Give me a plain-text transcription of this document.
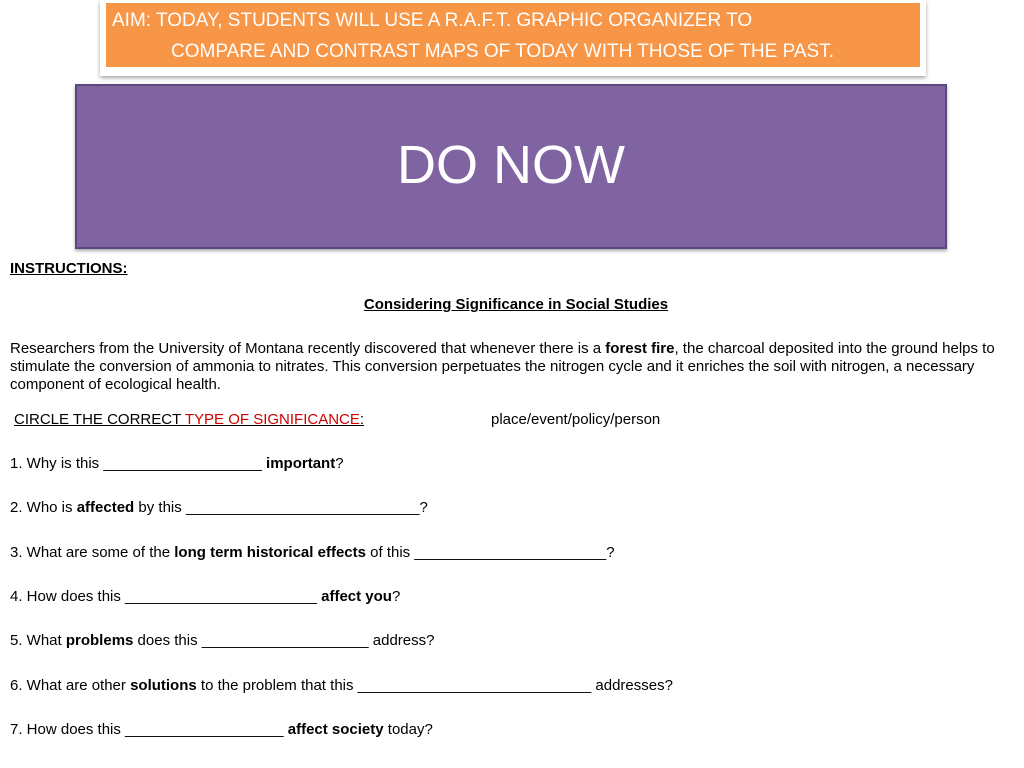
AIM: TODAY, STUDENTS WILL USE A R.A.F.T. GRAPHIC ORGANIZER TO
COMPARE AND CONTRAST MAPS OF TODAY WITH THOSE OF THE PAST.
DO NOW
INSTRUCTIONS:
Considering Significance in Social Studies
Researchers from the University of Montana recently discovered that whenever there is a forest fire, the charcoal deposited into the ground helps to stimulate the conversion of ammonia to nitrates. This conversion perpetuates the nitrogen cycle and it enriches the soil with nitrogen, a necessary component of ecological health.
CIRCLE THE CORRECT TYPE OF SIGNIFICANCE:	place/event/policy/person
1. Why is this ___________________ important?
2. Who is affected by this ____________________________?
3. What are some of the long term historical effects of this _______________________?
4. How does this _______________________ affect you?
5. What problems does this ____________________ address?
6. What are other solutions to the problem that this ____________________________ addresses?
7. How does this ___________________ affect society today?
